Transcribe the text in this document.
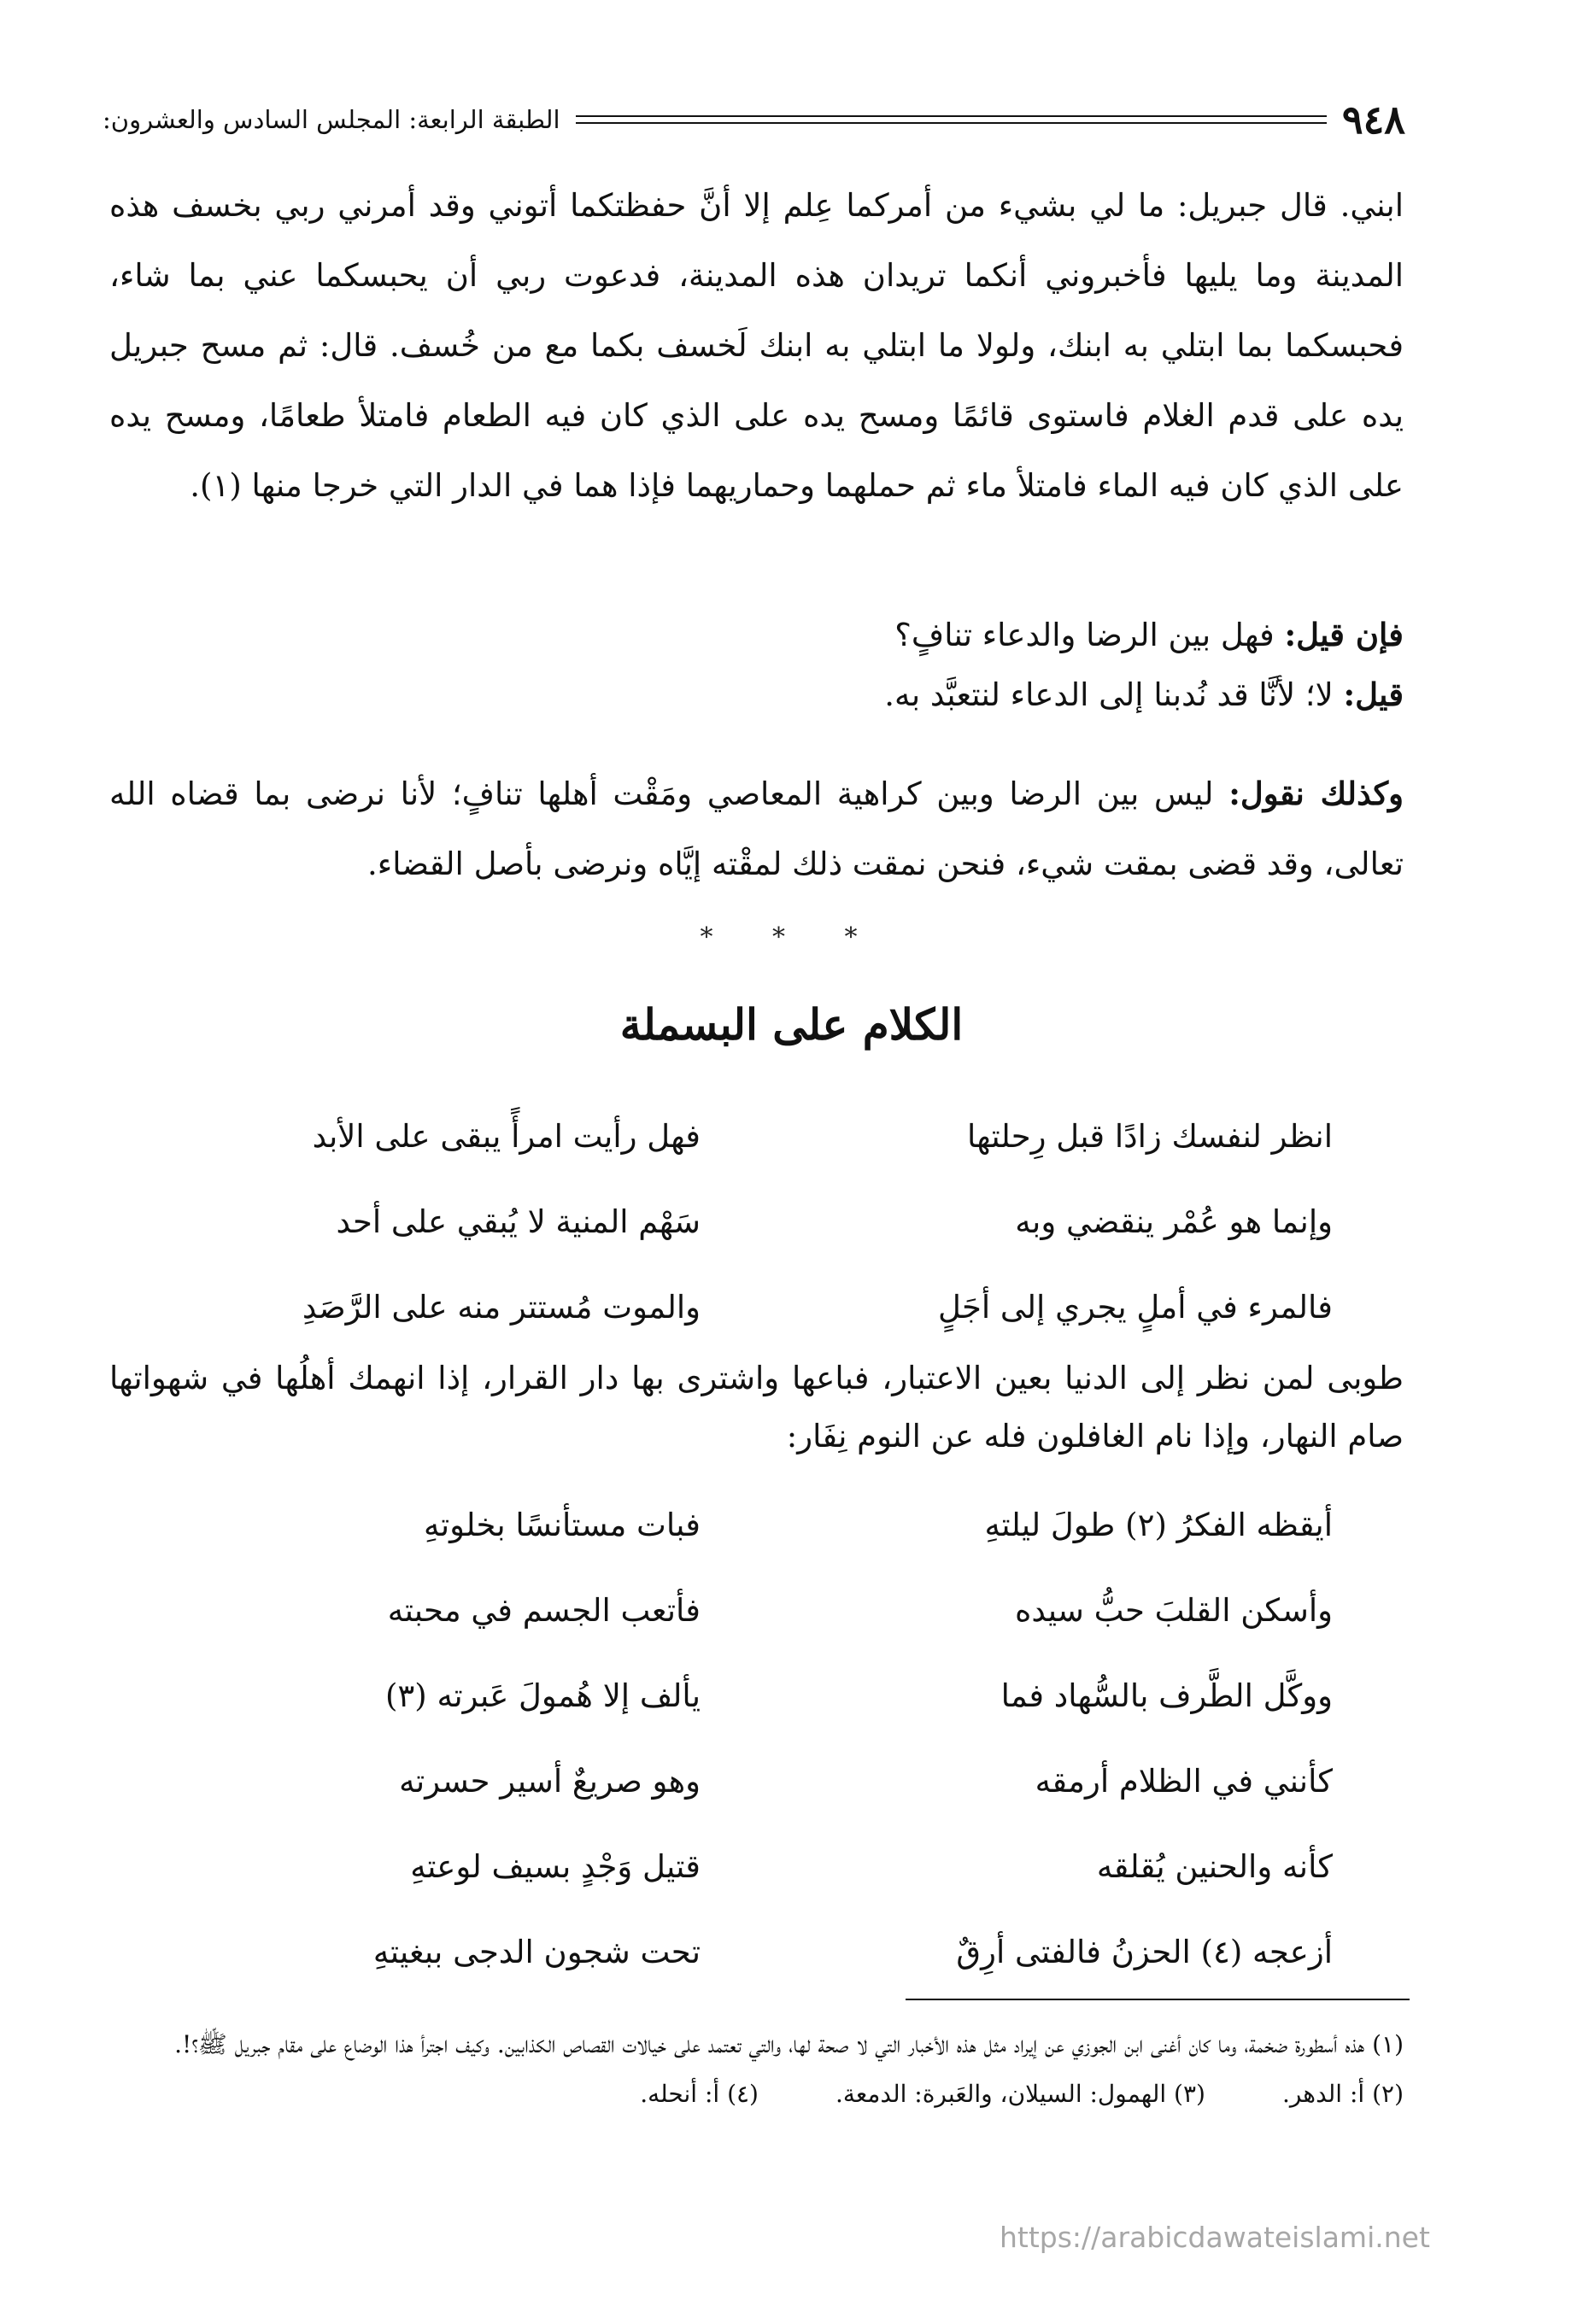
٩٤٨
الطبقة الرابعة: المجلس السادس والعشرون:

ابني. قال جبريل: ما لي بشيء من أمركما عِلم إلا أنَّ حفظتكما أتوني وقد أمرني ربي بخسف هذه المدينة وما يليها فأخبروني أنكما تريدان هذه المدينة، فدعوت ربي أن يحبسكما عني بما شاء، فحبسكما بما ابتلي به ابنك، ولولا ما ابتلي به ابنك لَخسف بكما مع من خُسف. قال: ثم مسح جبريل يده على قدم الغلام فاستوى قائمًا ومسح يده على الذي كان فيه الطعام فامتلأ طعامًا، ومسح يده على الذي كان فيه الماء فامتلأ ماء ثم حملهما وحماريهما فإذا هما في الدار التي خرجا منها (١).

فإن قيل: فهل بين الرضا والدعاء تنافٍ؟

قيل: لا؛ لأنَّا قد نُدبنا إلى الدعاء لنتعبَّد به.

وكذلك نقول: ليس بين الرضا وبين كراهية المعاصي ومَقْت أهلها تنافٍ؛ لأنا نرضى بما قضاه الله تعالى، وقد قضى بمقت شيء، فنحن نمقت ذلك لمقْته إيَّاه ونرضى بأصل القضاء.

* * *
الكلام على البسملة
انظر لنفسك زادًا قبل رِحلتها
فهل رأيت امرأً يبقى على الأبد
وإنما هو عُمْر ينقضي وبه
سَهْم المنية لا يُبقي على أحد
فالمرء في أملٍ يجري إلى أجَلٍ
والموت مُستتر منه على الرَّصَدِ

طوبى لمن نظر إلى الدنيا بعين الاعتبار، فباعها واشترى بها دار القرار، إذا انهمك أهلُها في شهواتها صام النهار، وإذا نام الغافلون فله عن النوم نِفَار:

أيقظه الفكرُ (٢) طولَ ليلتهِ
فبات مستأنسًا بخلوتهِ
وأسكن القلبَ حبُّ سيده
فأتعب الجسم في محبته
ووكَّل الطَّرف بالسُّهاد فما
يألف إلا هُمولَ عَبرته (٣)
كأنني في الظلام أرمقه
وهو صريعٌ أسير حسرته
كأنه والحنين يُقلقه
قتيل وَجْدٍ بسيف لوعتهِ
أزعجه (٤) الحزنُ فالفتى أرِقٌ
تحت شجون الدجى ببغيتهِ

(١) هذه أسطورة ضخمة، وما كان أغنى ابن الجوزي عن إيراد مثل هذه الأخبار التي لا صحة لها، والتي تعتمد على خيالات القصاص الكذابين. وكيف اجترأ هذا الوضاع على مقام جبريل ﷺ؟!.

(٢) أ: الدهر.
(٣) الهمول: السيلان، والعَبرة: الدمعة.
(٤) أ: أنحله.
https://arabicdawateislami.net
